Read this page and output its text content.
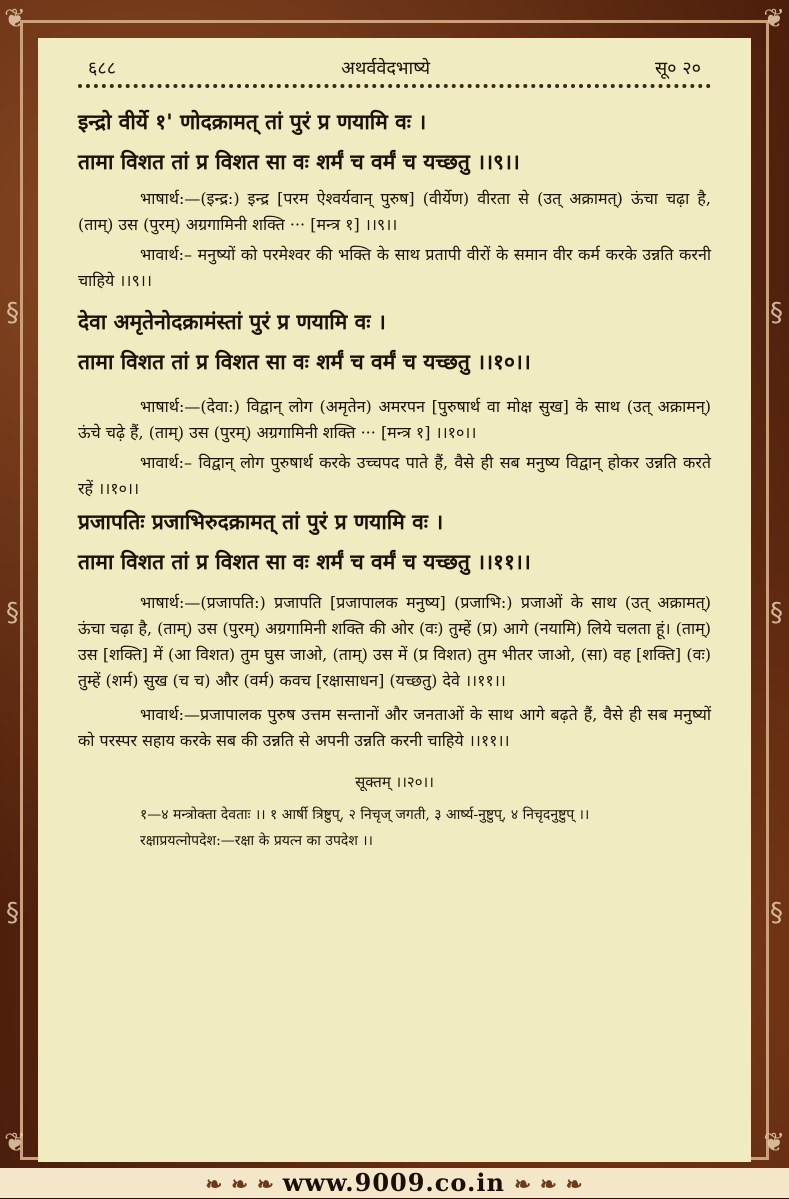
❦	❦
❦	❦
§
§
§
§
§
§
६८८	अथर्ववेदभाष्ये	सू० २०

इन्द्रो वीर्ये १' णोदक्रामत् तां पुरं प्र णयामि वः ।

तामा विशत तां प्र विशत सा वः शर्मं च वर्मं च यच्छतु ।।९।।

भाषार्थ:—(इन्द्र:) इन्द्र [परम ऐश्वर्यवान् पुरुष] (वीर्येण) वीरता से (उत् अक्रामत्) ऊंचा चढ़ा है, (ताम्) उस (पुरम्) अग्रगामिनी शक्ति ··· [मन्त्र १] ।।९।।

भावार्थ:– मनुष्यों को परमेश्वर की भक्ति के साथ प्रतापी वीरों के समान वीर कर्म करके उन्नति करनी चाहिये ।।९।।

देवा अमृतेनोदक्रामंस्तां पुरं प्र णयामि वः ।

तामा विशत तां प्र विशत सा वः शर्मं च वर्मं च यच्छतु ।।१०।।

भाषार्थ:—(देवा:) विद्वान् लोग (अमृतेन) अमरपन [पुरुषार्थ वा मोक्ष सुख] के साथ (उत् अक्रामन्) ऊंचे चढ़े हैं, (ताम्) उस (पुरम्) अग्रगामिनी शक्ति ··· [मन्त्र १] ।।१०।।

भावार्थ:– विद्वान् लोग पुरुषार्थ करके उच्चपद पाते हैं, वैसे ही सब मनुष्य विद्वान् होकर उन्नति करते रहें ।।१०।।

प्रजापतिः प्रजाभिरुदक्रामत् तां पुरं प्र णयामि वः ।

तामा विशत तां प्र विशत सा वः शर्मं च वर्मं च यच्छतु ।।११।।

भाषार्थ:—(प्रजापति:) प्रजापति [प्रजापालक मनुष्य] (प्रजाभि:) प्रजाओं के साथ (उत् अक्रामत्) ऊंचा चढ़ा है, (ताम्) उस (पुरम्) अग्रगामिनी शक्ति की ओर (वः) तुम्हें (प्र) आगे (नयामि) लिये चलता हूं। (ताम्) उस [शक्ति] में (आ विशत) तुम घुस जाओ, (ताम्) उस में (प्र विशत) तुम भीतर जाओ, (सा) वह [शक्ति] (वः) तुम्हें (शर्म) सुख (च च) और (वर्म) कवच [रक्षासाधन] (यच्छतु) देवे ।।११।।

भावार्थ:—प्रजापालक पुरुष उत्तम सन्तानों और जनताओं के साथ आगे बढ़ते हैं, वैसे ही सब मनुष्यों को परस्पर सहाय करके सब की उन्नति से अपनी उन्नति करनी चाहिये ।।११।।

सूक्तम् ।।२०।।

१—४ मन्त्रोक्ता देवताः ।। १ आर्षी त्रिष्टुप्, २ निचृज् जगती, ३ आर्ष्य-नुष्टुप्, ४ निचृदनुष्टुप् ।।

रक्षाप्रयत्नोपदेश:—रक्षा के प्रयत्न का उपदेश ।।

❧ ❧ ❧ www.9009.co.in ❧ ❧ ❧
